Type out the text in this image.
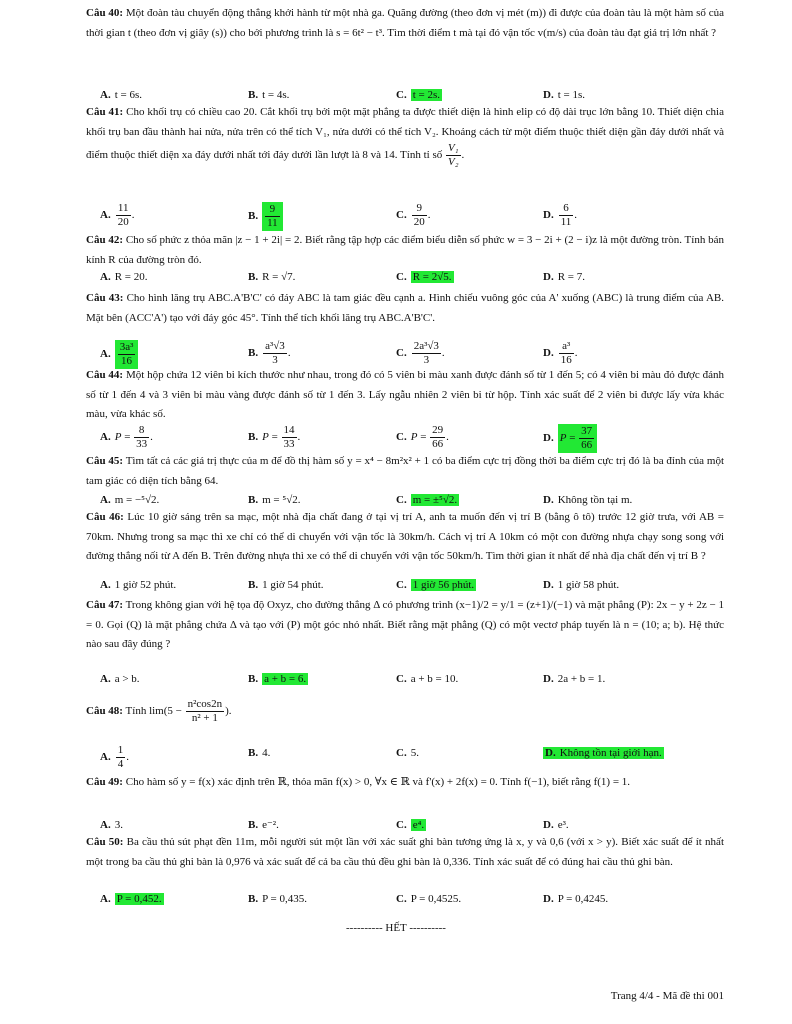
Câu 40: Một đoàn tàu chuyển động thẳng khởi hành từ một nhà ga. Quãng đường (theo đơn vị mét (m)) đi được của đoàn tàu là một hàm số của thời gian t (theo đơn vị giây (s)) cho bởi phương trình là s = 6t² − t³. Tìm thời điểm t mà tại đó vận tốc v(m/s) của đoàn tàu đạt giá trị lớn nhất ?

A. t = 6s.	B. t = 4s.	C. t = 2s.	D. t = 1s.

Câu 41: Cho khối trụ có chiều cao 20. Cắt khối trụ bởi một mặt phẳng ta được thiết diện là hình elip có độ dài trục lớn bằng 10. Thiết diện chia khối trụ ban đầu thành hai nửa, nửa trên có thể tích V₁, nửa dưới có thể tích V₂. Khoảng cách từ một điểm thuộc thiết diện gần đáy dưới nhất và điểm thuộc thiết diện xa đáy dưới nhất tới đáy dưới lần lượt là 8 và 14. Tính tỉ số $\frac{\text{V₁}}{\text{V₂}}$ .

A. $\frac{11}{20}$ .	B. $\frac{9}{11}$	C. $\frac{9}{20}$ .	D. $\frac{6}{11}$ .

Câu 42: Cho số phức z thỏa mãn |z − 1 + 2i| = 2. Biết rằng tập hợp các điểm biểu diễn số phức w = 3 − 2i + (2 − i)z là một đường tròn. Tính bán kính R của đường tròn đó.

A. R = 20.	B. R = √7.	C. R = 2√5.	D. R = 7.

Câu 43: Cho hình lăng trụ ABC.A'B'C' có đáy ABC là tam giác đều cạnh a. Hình chiếu vuông góc của A' xuống (ABC) là trung điểm của AB. Mặt bên (ACC'A') tạo với đáy góc 45°. Tính thể tích khối lăng trụ ABC.A'B'C'.

A. $\frac{\text{3a³}}{16}$	B. $\frac{\text{a³√3}}{3}$ .	C. $\frac{\text{2a³√3}}{3}$ .	D. $\frac{\text{a³}}{16}$ .

Câu 44: Một hộp chứa 12 viên bi kích thước như nhau, trong đó có 5 viên bi màu xanh được đánh số từ 1 đến 5; có 4 viên bi màu đỏ được đánh số từ 1 đến 4 và 3 viên bi màu vàng được đánh số từ 1 đến 3. Lấy ngẫu nhiên 2 viên bi từ hộp. Tính xác suất để 2 viên bi được lấy vừa khác màu, vừa khác số.

A. $P = \frac{8}{33}$ .	B. $P = \frac{14}{33}$ .	C. $P = \frac{29}{66}$ .	D. $P = \frac{37}{66}$

Câu 45: Tìm tất cả các giá trị thực của m để đồ thị hàm số y = x⁴ − 8m²x² + 1 có ba điểm cực trị đồng thời ba điểm cực trị đó là ba đỉnh của một tam giác có diện tích bằng 64.

A. m = −⁵√2.	B. m = ⁵√2.	C. m = ±⁵√2.	D. Không tồn tại m.

Câu 46: Lúc 10 giờ sáng trên sa mạc, một nhà địa chất đang ở tại vị trí A, anh ta muốn đến vị trí B (bằng ô tô) trước 12 giờ trưa, với AB = 70km. Nhưng trong sa mạc thì xe chỉ có thể di chuyển với vận tốc là 30km/h. Cách vị trí A 10km có một con đường nhựa chạy song song với đường thẳng nối từ A đến B. Trên đường nhựa thì xe có thể di chuyển với vận tốc 50km/h. Tìm thời gian ít nhất để nhà địa chất đến vị trí B ?

A. 1 giờ 52 phút.	B. 1 giờ 54 phút.	C. 1 giờ 56 phút.	D. 1 giờ 58 phút.

Câu 47: Trong không gian với hệ tọa độ Oxyz, cho đường thẳng Δ có phương trình (x−1)/2 = y/1 = (z+1)/(−1) và mặt phẳng (P): 2x − y + 2z − 1 = 0. Gọi (Q) là mặt phẳng chứa Δ và tạo với (P) một góc nhỏ nhất. Biết rằng mặt phẳng (Q) có một vectơ pháp tuyến là n = (10; a; b). Hệ thức nào sau đây đúng ?

A. a > b.	B. a + b = 6.	C. a + b = 10.	D. 2a + b = 1.

Câu 48: Tính $\lim(5 - \frac{\text{n²cos2n}}{\text{n² + 1}}$ ).

A. $\frac{1}{4}$ .	B. 4.	C. 5.	D. Không tồn tại giới hạn.

Câu 49: Cho hàm số y = f(x) xác định trên ℝ, thỏa mãn f(x) > 0, ∀x ∈ ℝ và f'(x) + 2f(x) = 0. Tính f(−1), biết rằng f(1) = 1.

A. 3.	B. e⁻².	C. e⁴.	D. e³.

Câu 50: Ba cầu thủ sút phạt đền 11m, mỗi người sút một lần với xác suất ghi bàn tương ứng là x, y và 0,6 (với x > y). Biết xác suất để ít nhất một trong ba cầu thủ ghi bàn là 0,976 và xác suất để cả ba cầu thủ đều ghi bàn là 0,336. Tính xác suất để có đúng hai cầu thủ ghi bàn.

A. P = 0,452.	B. P = 0,435.	C. P = 0,4525.	D. P = 0,4245.
---------- HẾT ----------
Trang 4/4 - Mã đề thi 001
